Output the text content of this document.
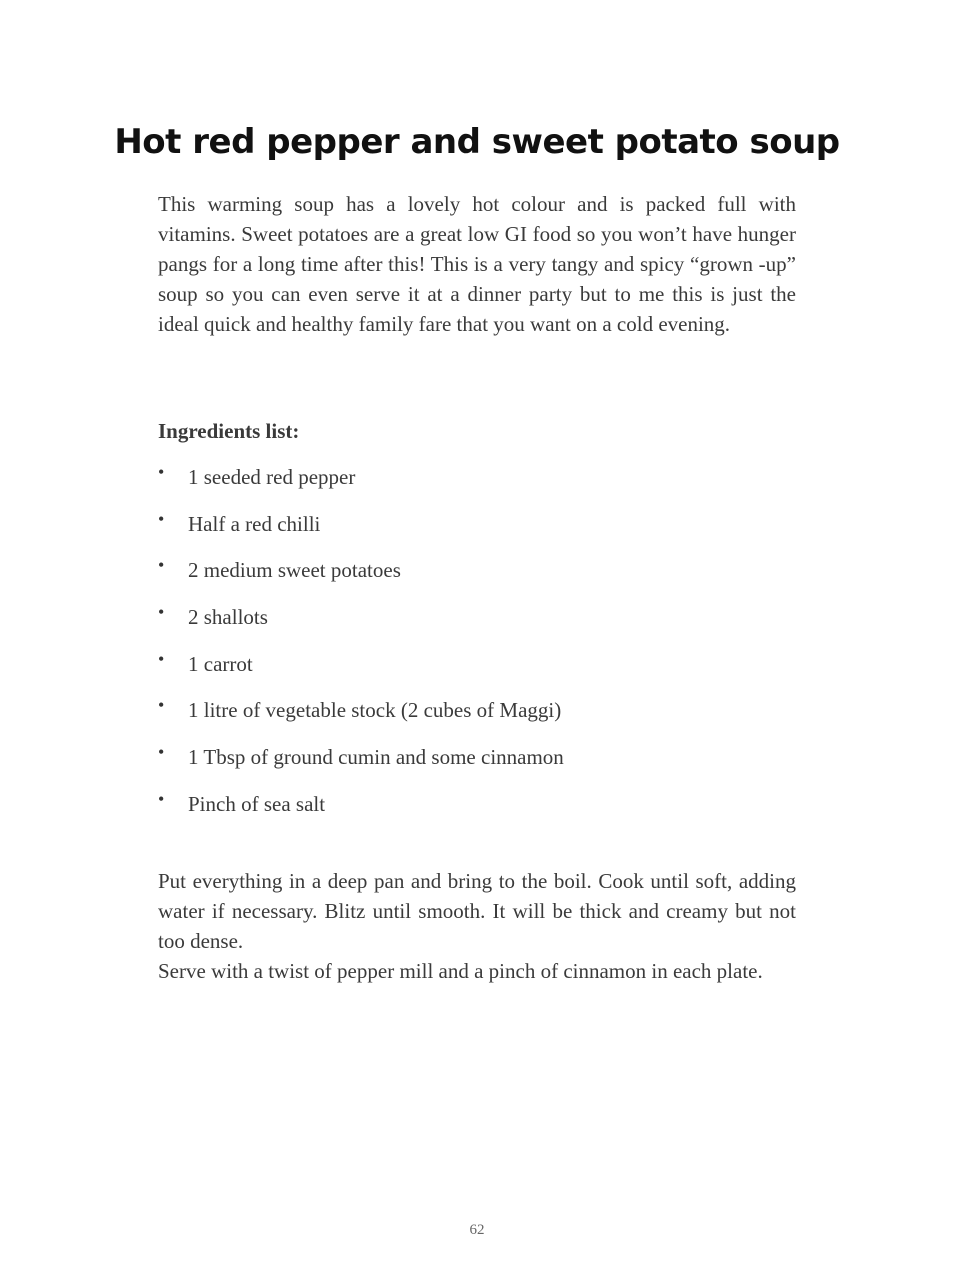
Hot red pepper and sweet potato soup

This warming soup has a lovely hot colour and is packed full with vitamins. Sweet potatoes are a great low GI food so you won’t have hunger pangs for a long time after this! This is a very tangy and spicy “grown -up” soup so you can even serve it at a dinner party but to me this is just the ideal quick and healthy family fare that you want on a cold evening.

Ingredients list:

• 1 seeded red pepper
• Half a red chilli
• 2 medium sweet potatoes
• 2 shallots
• 1 carrot
• 1 litre of vegetable stock (2 cubes of Maggi)
• 1 Tbsp of ground cumin and some cinnamon
• Pinch of sea salt

Put everything in a deep pan and bring to the boil. Cook until soft, adding water if necessary. Blitz until smooth. It will be thick and creamy but not too dense.

Serve with a twist of pepper mill and a pinch of cinnamon in each plate.

62
